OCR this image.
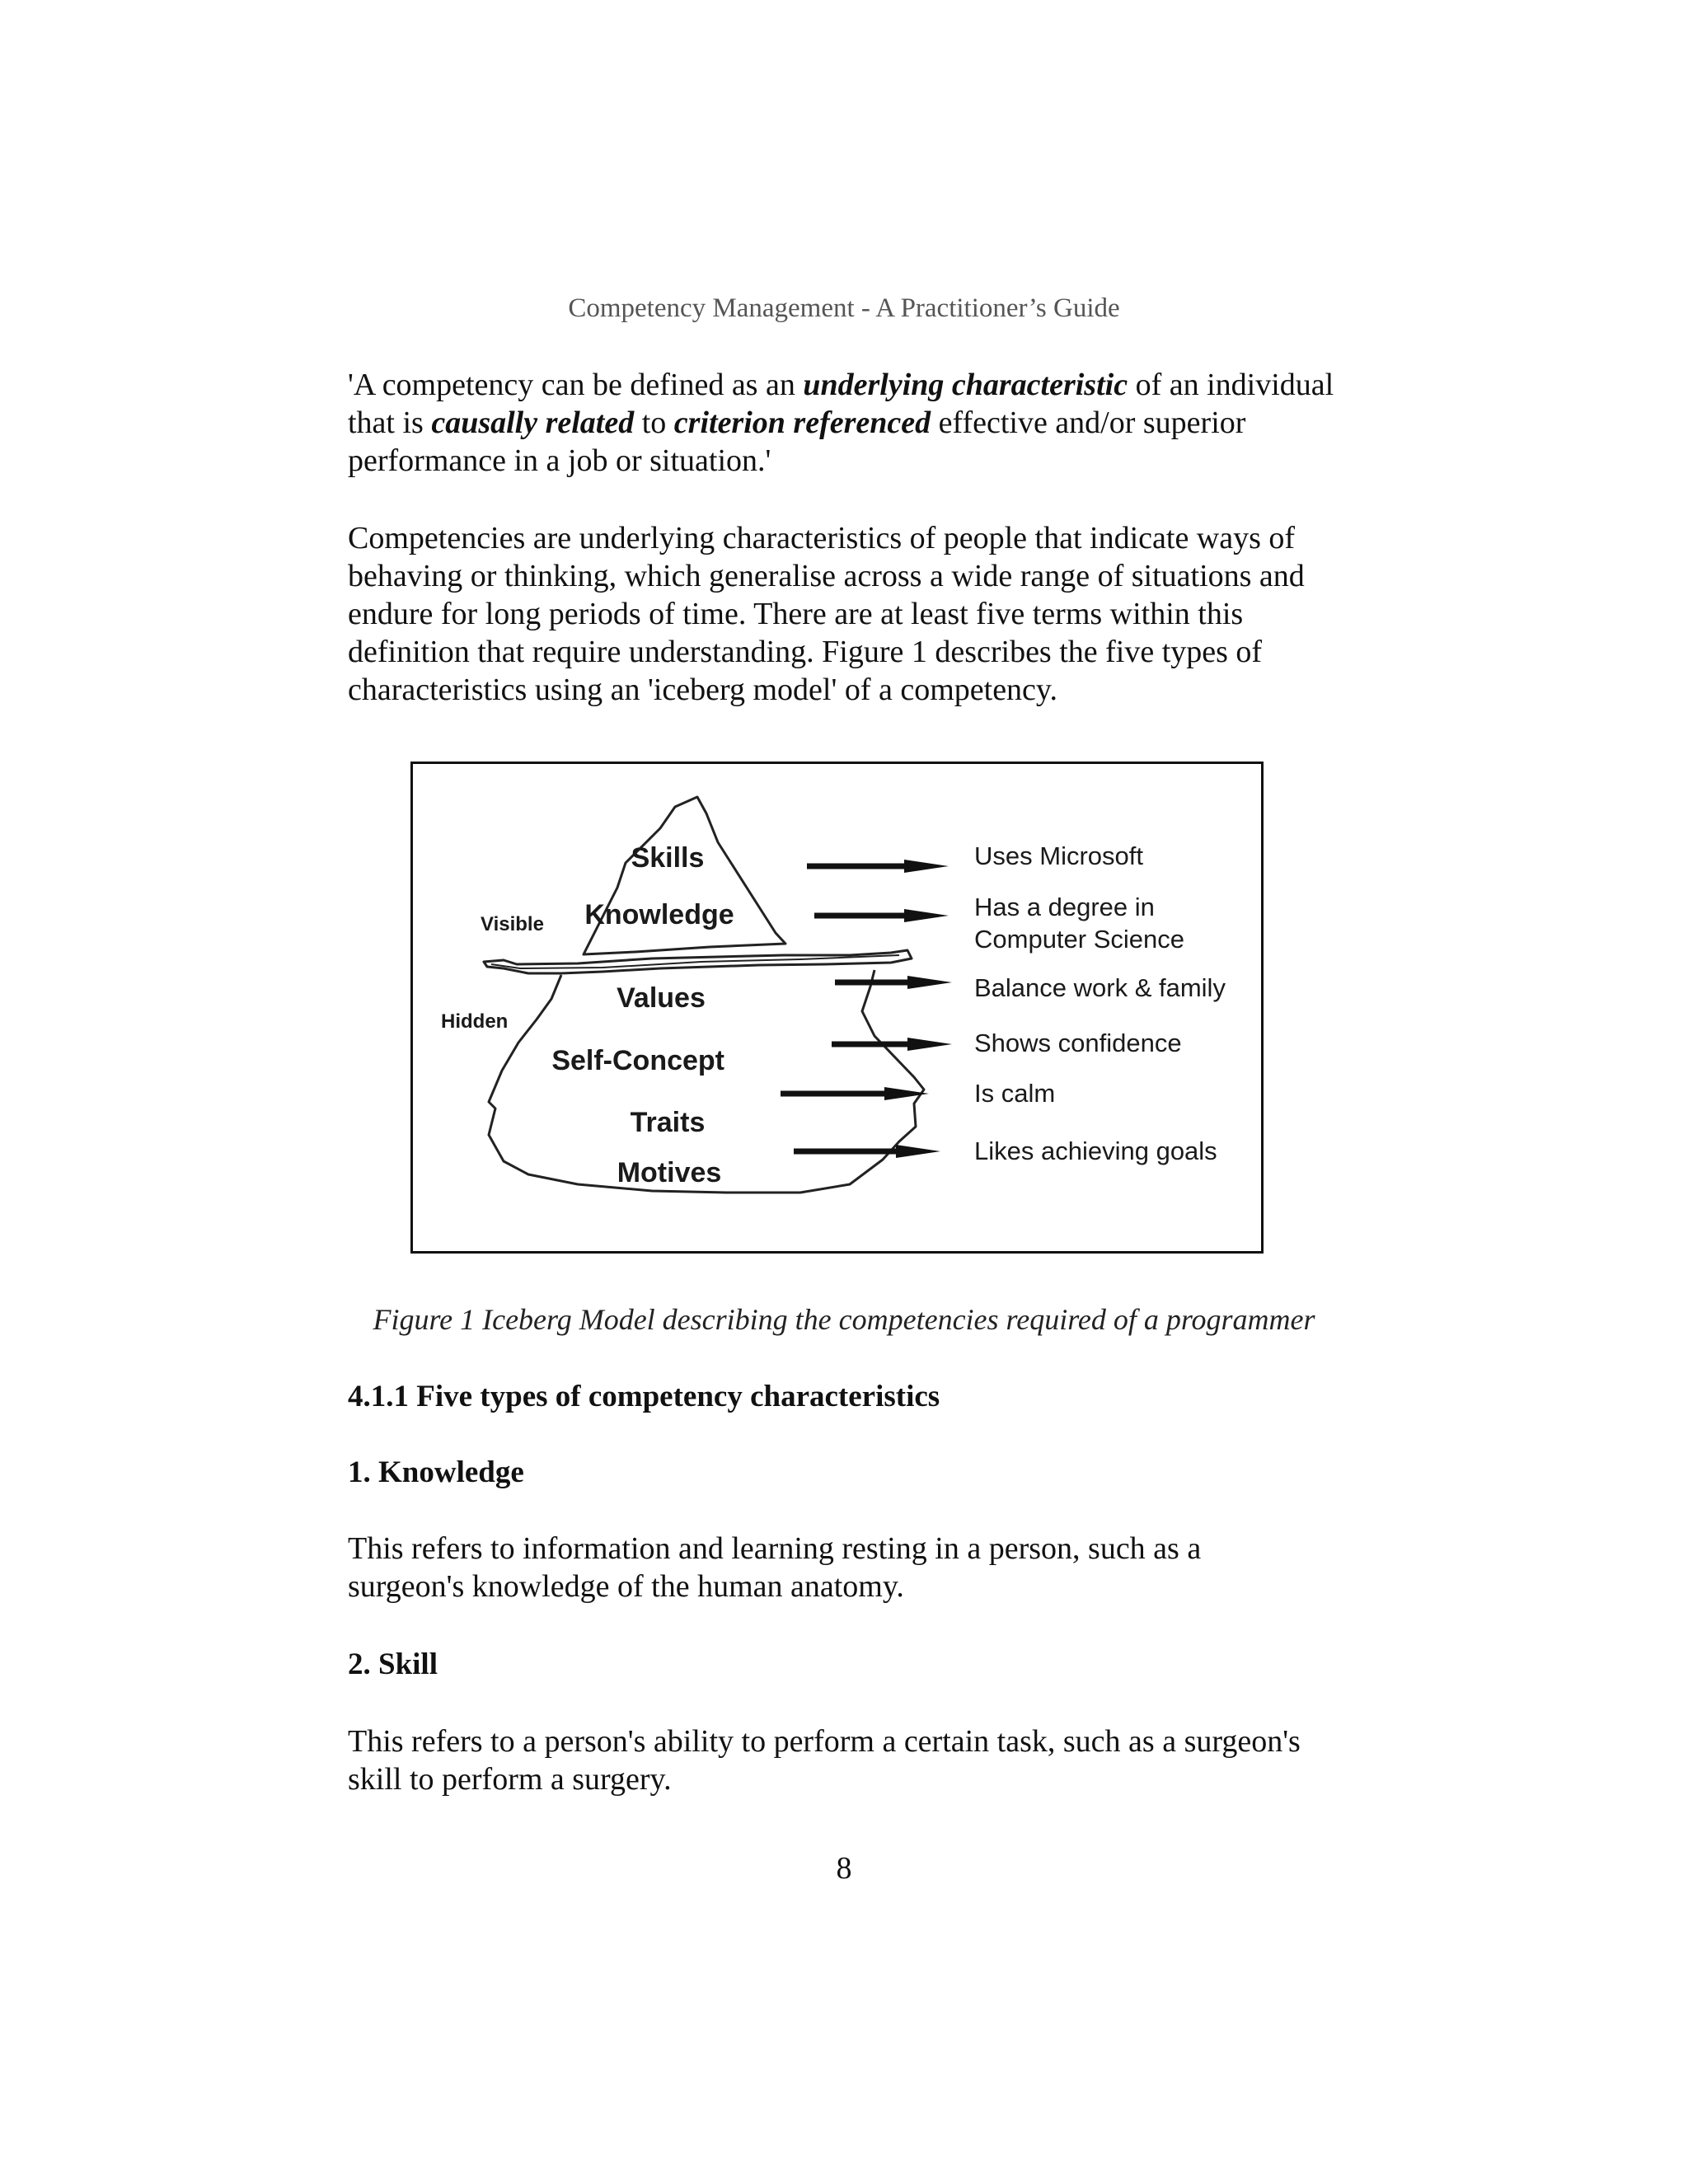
Competency Management - A Practitioner’s Guide

'A competency can be defined as an underlying characteristic of an individual that is causally related to criterion referenced effective and/or superior performance in a job or situation.'

Competencies are underlying characteristics of people that indicate ways of behaving or thinking, which generalise across a wide range of situations and endure for long periods of time. There are at least five terms within this definition that require understanding. Figure 1 describes the five types of characteristics using an 'iceberg model' of a competency.

Visible
Hidden
Skills
Knowledge
Values
Self-Concept
Traits
Motives
Uses Microsoft
Has a degree in
Computer Science
Balance work & family
Shows confidence
Is calm
Likes achieving goals
Figure 1 Iceberg Model describing the competencies required of a programmer
4.1.1 Five types of competency characteristics
1. Knowledge

This refers to information and learning resting in a person, such as a surgeon's knowledge of the human anatomy.

2. Skill

This refers to a person's ability to perform a certain task, such as a surgeon's skill to perform a surgery.

8
